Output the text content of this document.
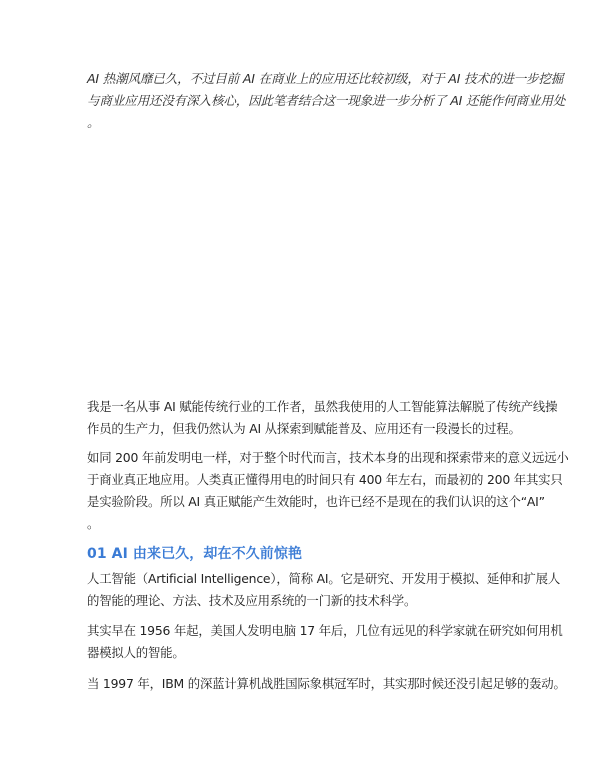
AI 热潮风靡已久，不过目前 AI 在商业上的应用还比较初级，对于 AI 技术的进一步挖掘
与商业应用还没有深入核心，因此笔者结合这一现象进一步分析了 AI 还能作何商业用处
。
我是一名从事 AI 赋能传统行业的工作者，虽然我使用的人工智能算法解脱了传统产线操
作员的生产力，但我仍然认为 AI 从探索到赋能普及、应用还有一段漫长的过程。
如同 200 年前发明电一样，对于整个时代而言，技术本身的出现和探索带来的意义远远小
于商业真正地应用。人类真正懂得用电的时间只有 400 年左右，而最初的 200 年其实只
是实验阶段。所以 AI 真正赋能产生效能时，也许已经不是现在的我们认识的这个“AI”
。
01 AI 由来已久，却在不久前惊艳
人工智能（Artificial Intelligence），简称 AI。它是研究、开发用于模拟、延伸和扩展人
的智能的理论、方法、技术及应用系统的一门新的技术科学。
其实早在 1956 年起，美国人发明电脑 17 年后，几位有远见的科学家就在研究如何用机
器模拟人的智能。
当 1997 年，IBM 的深蓝计算机战胜国际象棋冠军时，其实那时候还没引起足够的轰动。
